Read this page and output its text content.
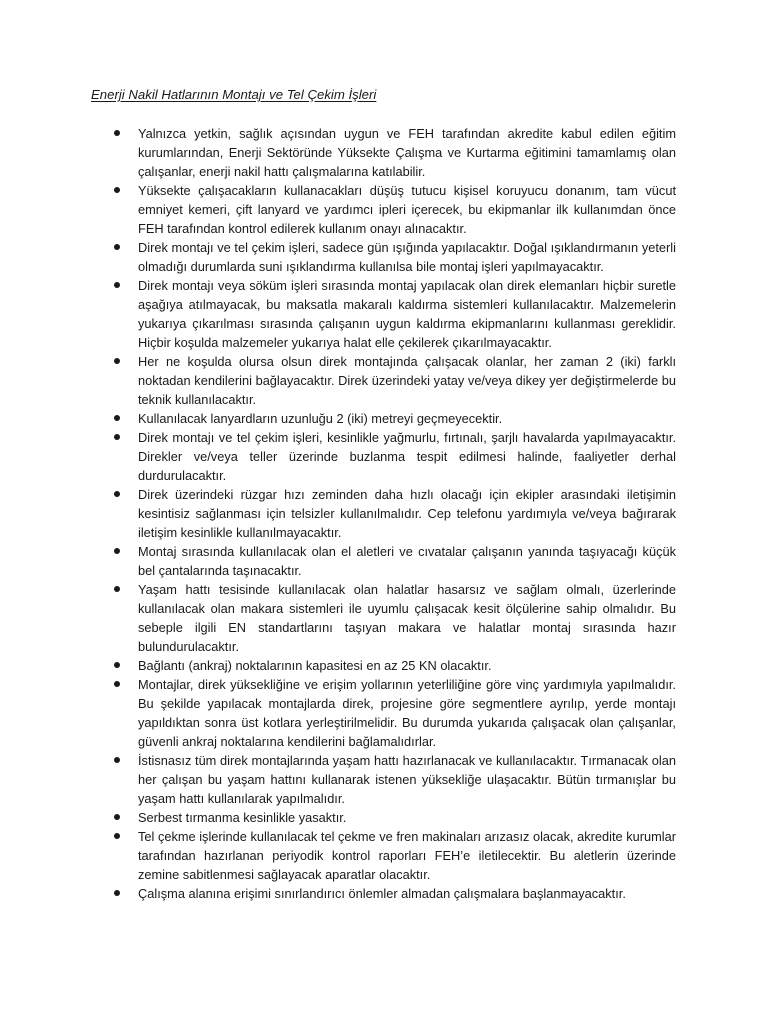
Enerji Nakil Hatlarının Montajı ve Tel Çekim İşleri
Yalnızca yetkin, sağlık açısından uygun ve FEH tarafından akredite kabul edilen eğitim kurumlarından, Enerji Sektöründe Yüksekte Çalışma ve Kurtarma eğitimini tamamlamış olan çalışanlar, enerji nakil hattı çalışmalarına katılabilir.
Yüksekte çalışacakların kullanacakları düşüş tutucu kişisel koruyucu donanım, tam vücut emniyet kemeri, çift lanyard ve yardımcı ipleri içerecek, bu ekipmanlar ilk kullanımdan önce FEH tarafından kontrol edilerek kullanım onayı alınacaktır.
Direk montajı ve tel çekim işleri, sadece gün ışığında yapılacaktır. Doğal ışıklandırmanın yeterli olmadığı durumlarda suni ışıklandırma kullanılsa bile montaj işleri yapılmayacaktır.
Direk montajı veya söküm işleri sırasında montaj yapılacak olan direk elemanları hiçbir suretle aşağıya atılmayacak, bu maksatla makaralı kaldırma sistemleri kullanılacaktır. Malzemelerin yukarıya çıkarılması sırasında çalışanın uygun kaldırma ekipmanlarını kullanması gereklidir. Hiçbir koşulda malzemeler yukarıya halat elle çekilerek çıkarılmayacaktır.
Her ne koşulda olursa olsun direk montajında çalışacak olanlar, her zaman 2 (iki) farklı noktadan kendilerini bağlayacaktır. Direk üzerindeki yatay ve/veya dikey yer değiştirmelerde bu teknik kullanılacaktır.
Kullanılacak lanyardların uzunluğu 2 (iki) metreyi geçmeyecektir.
Direk montajı ve tel çekim işleri, kesinlikle yağmurlu, fırtınalı, şarjlı havalarda yapılmayacaktır. Direkler ve/veya teller üzerinde buzlanma tespit edilmesi halinde, faaliyetler derhal durdurulacaktır.
Direk üzerindeki rüzgar hızı zeminden daha hızlı olacağı için ekipler arasındaki iletişimin kesintisiz sağlanması için telsizler kullanılmalıdır. Cep telefonu yardımıyla ve/veya bağırarak iletişim kesinlikle kullanılmayacaktır.
Montaj sırasında kullanılacak olan el aletleri ve cıvatalar çalışanın yanında taşıyacağı küçük bel çantalarında taşınacaktır.
Yaşam hattı tesisinde kullanılacak olan halatlar hasarsız ve sağlam olmalı, üzerlerinde kullanılacak olan makara sistemleri ile uyumlu çalışacak kesit ölçülerine sahip olmalıdır. Bu sebeple ilgili EN standartlarını taşıyan makara ve halatlar montaj sırasında hazır bulundurulacaktır.
Bağlantı (ankraj) noktalarının kapasitesi en az 25 KN olacaktır.
Montajlar, direk yüksekliğine ve erişim yollarının yeterliliğine göre vinç yardımıyla yapılmalıdır. Bu şekilde yapılacak montajlarda direk, projesine göre segmentlere ayrılıp, yerde montajı yapıldıktan sonra üst kotlara yerleştirilmelidir. Bu durumda yukarıda çalışacak olan çalışanlar, güvenli ankraj noktalarına kendilerini bağlamalıdırlar.
İstisnasız tüm direk montajlarında yaşam hattı hazırlanacak ve kullanılacaktır. Tırmanacak olan her çalışan bu yaşam hattını kullanarak istenen yüksekliğe ulaşacaktır. Bütün tırmanışlar bu yaşam hattı kullanılarak yapılmalıdır.
Serbest tırmanma kesinlikle yasaktır.
Tel çekme işlerinde kullanılacak tel çekme ve fren makinaları arızasız olacak, akredite kurumlar tarafından hazırlanan periyodik kontrol raporları FEH’e iletilecektir. Bu aletlerin üzerinde zemine sabitlenmesi sağlayacak aparatlar olacaktır.
Çalışma alanına erişimi sınırlandırıcı önlemler almadan çalışmalara başlanmayacaktır.
